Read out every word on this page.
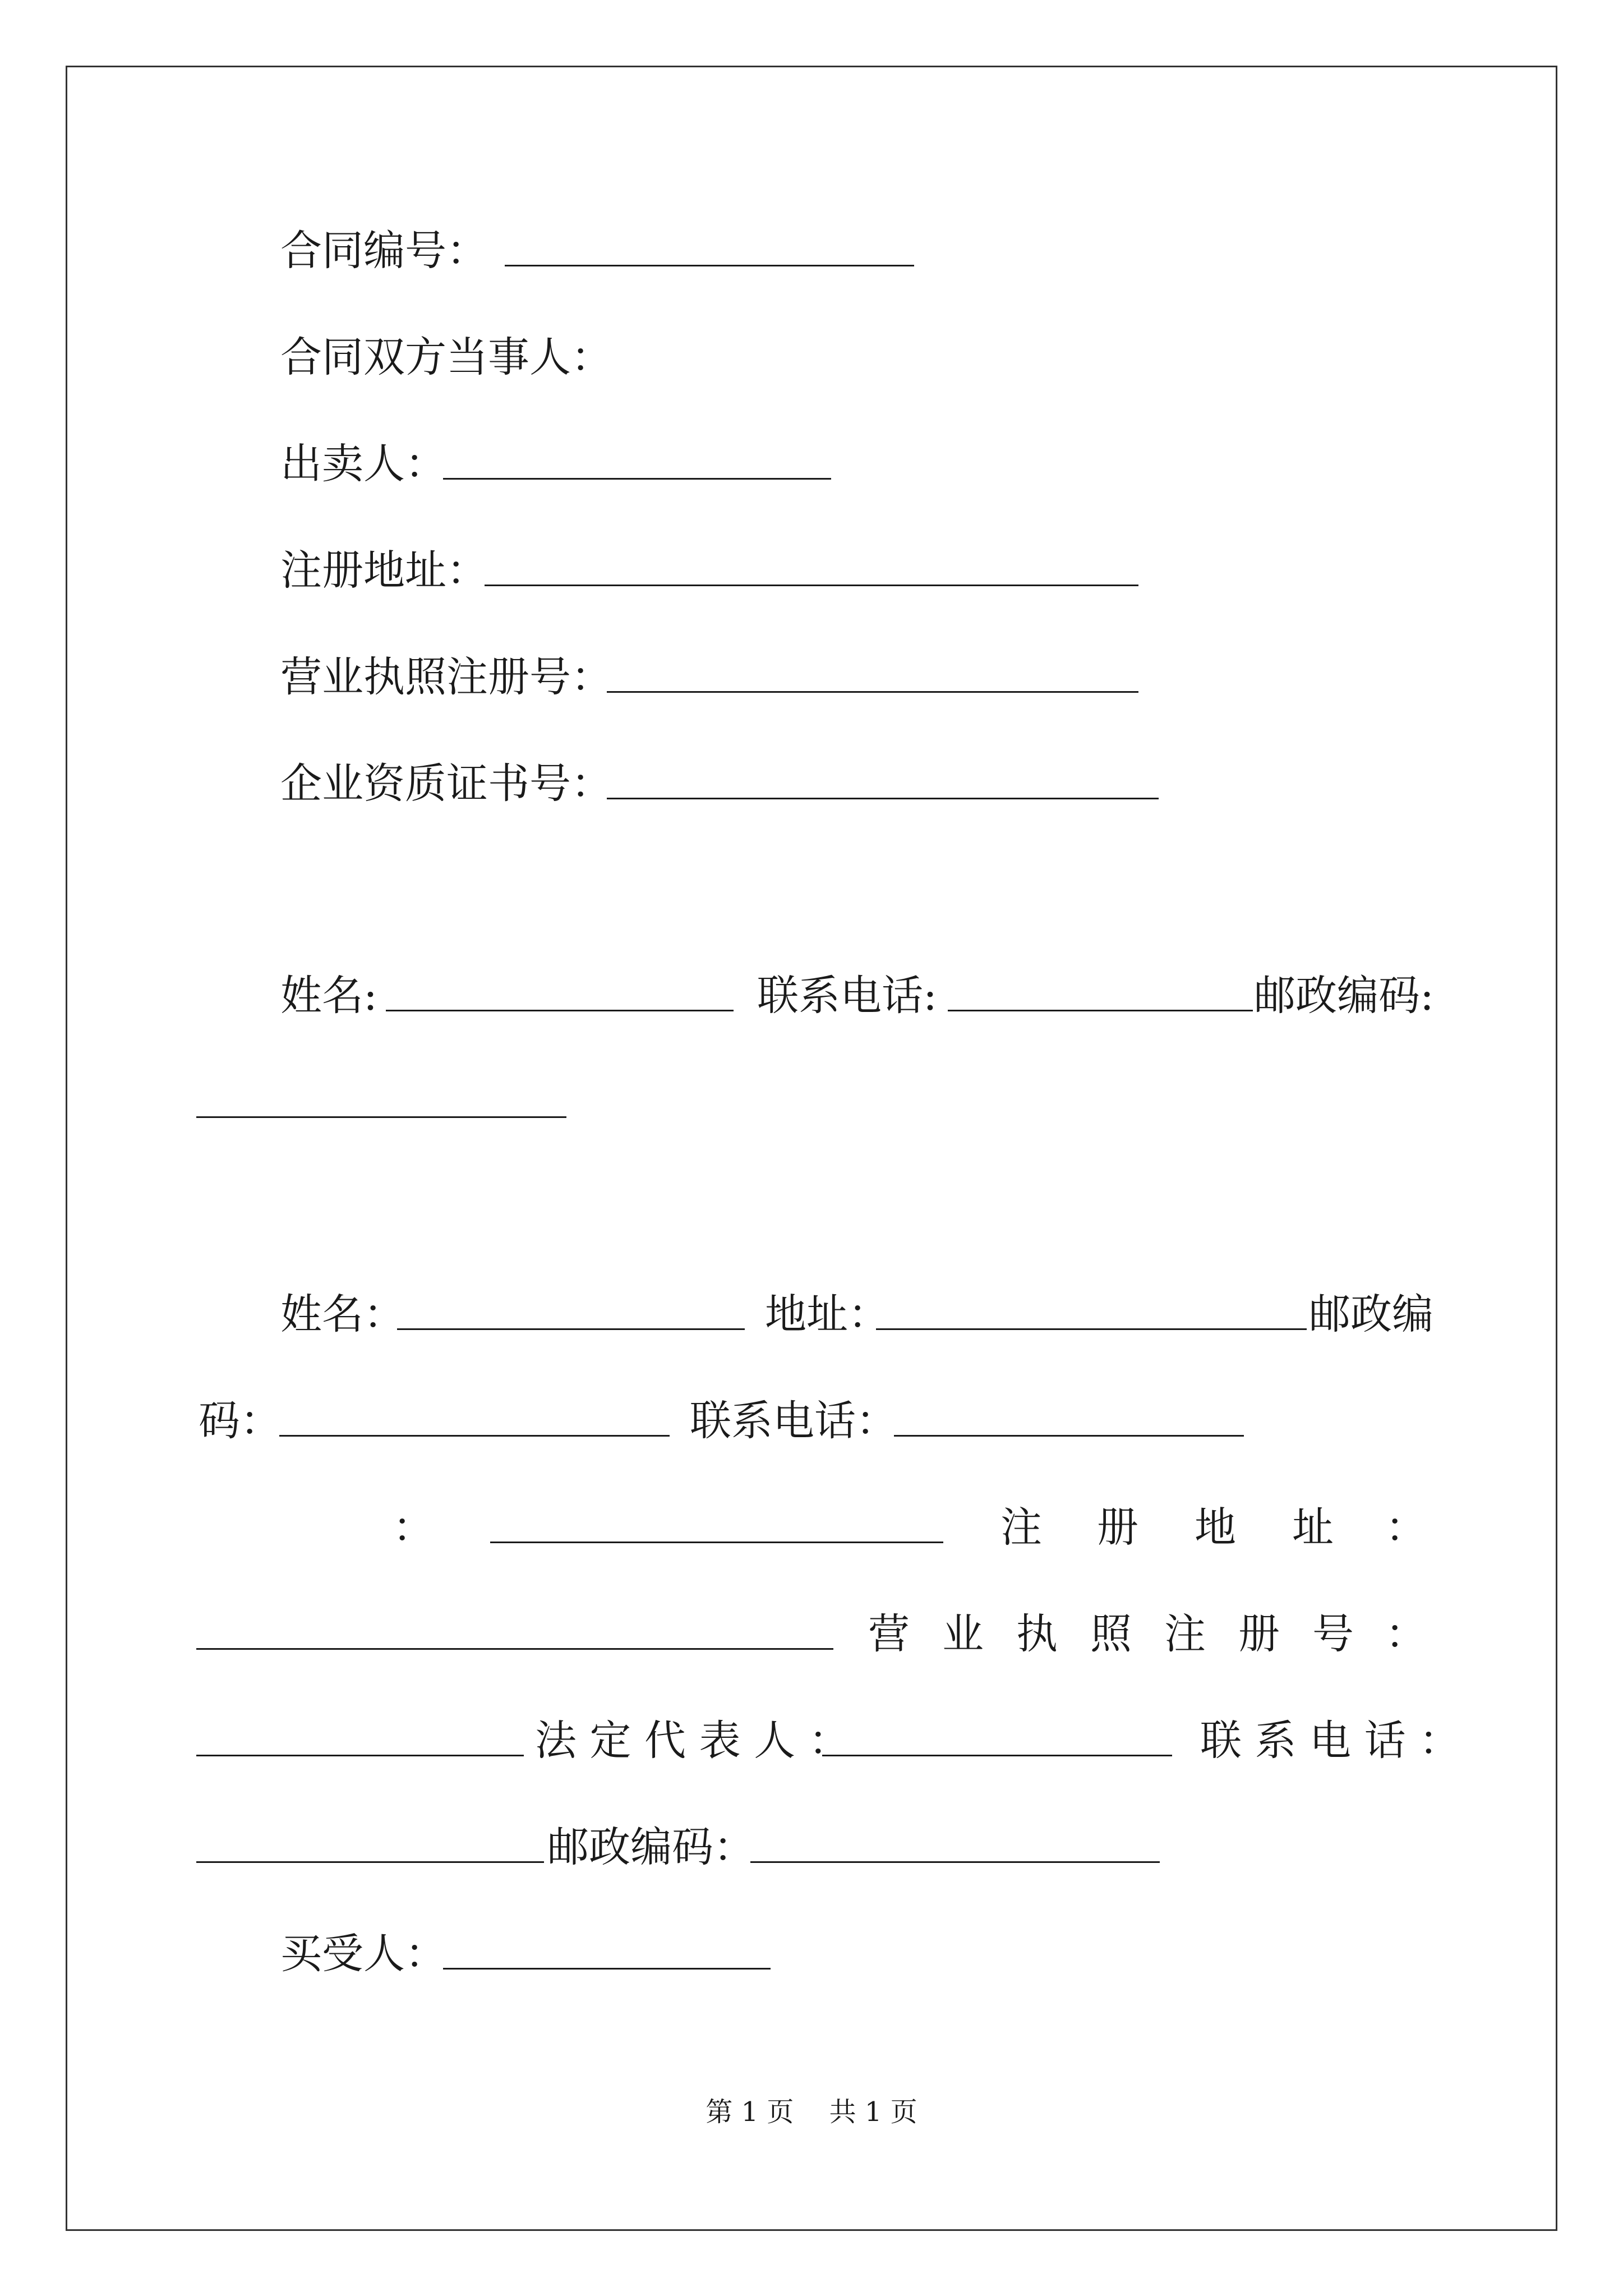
合同编号：
合同双方当事人：
出卖人：
注册地址：
营业执照注册号：
企业资质证书号：
姓名:	联系电话:	邮政编码:
姓名：	地址：	邮政编
码：	联系电话：
：	注 册 地 址 ：
营 业 执 照 注 册 号 ：
法 定 代 表 人 ：	联 系 电 话 ：
邮政编码：
买受人：
第 1 页　 共 1 页
